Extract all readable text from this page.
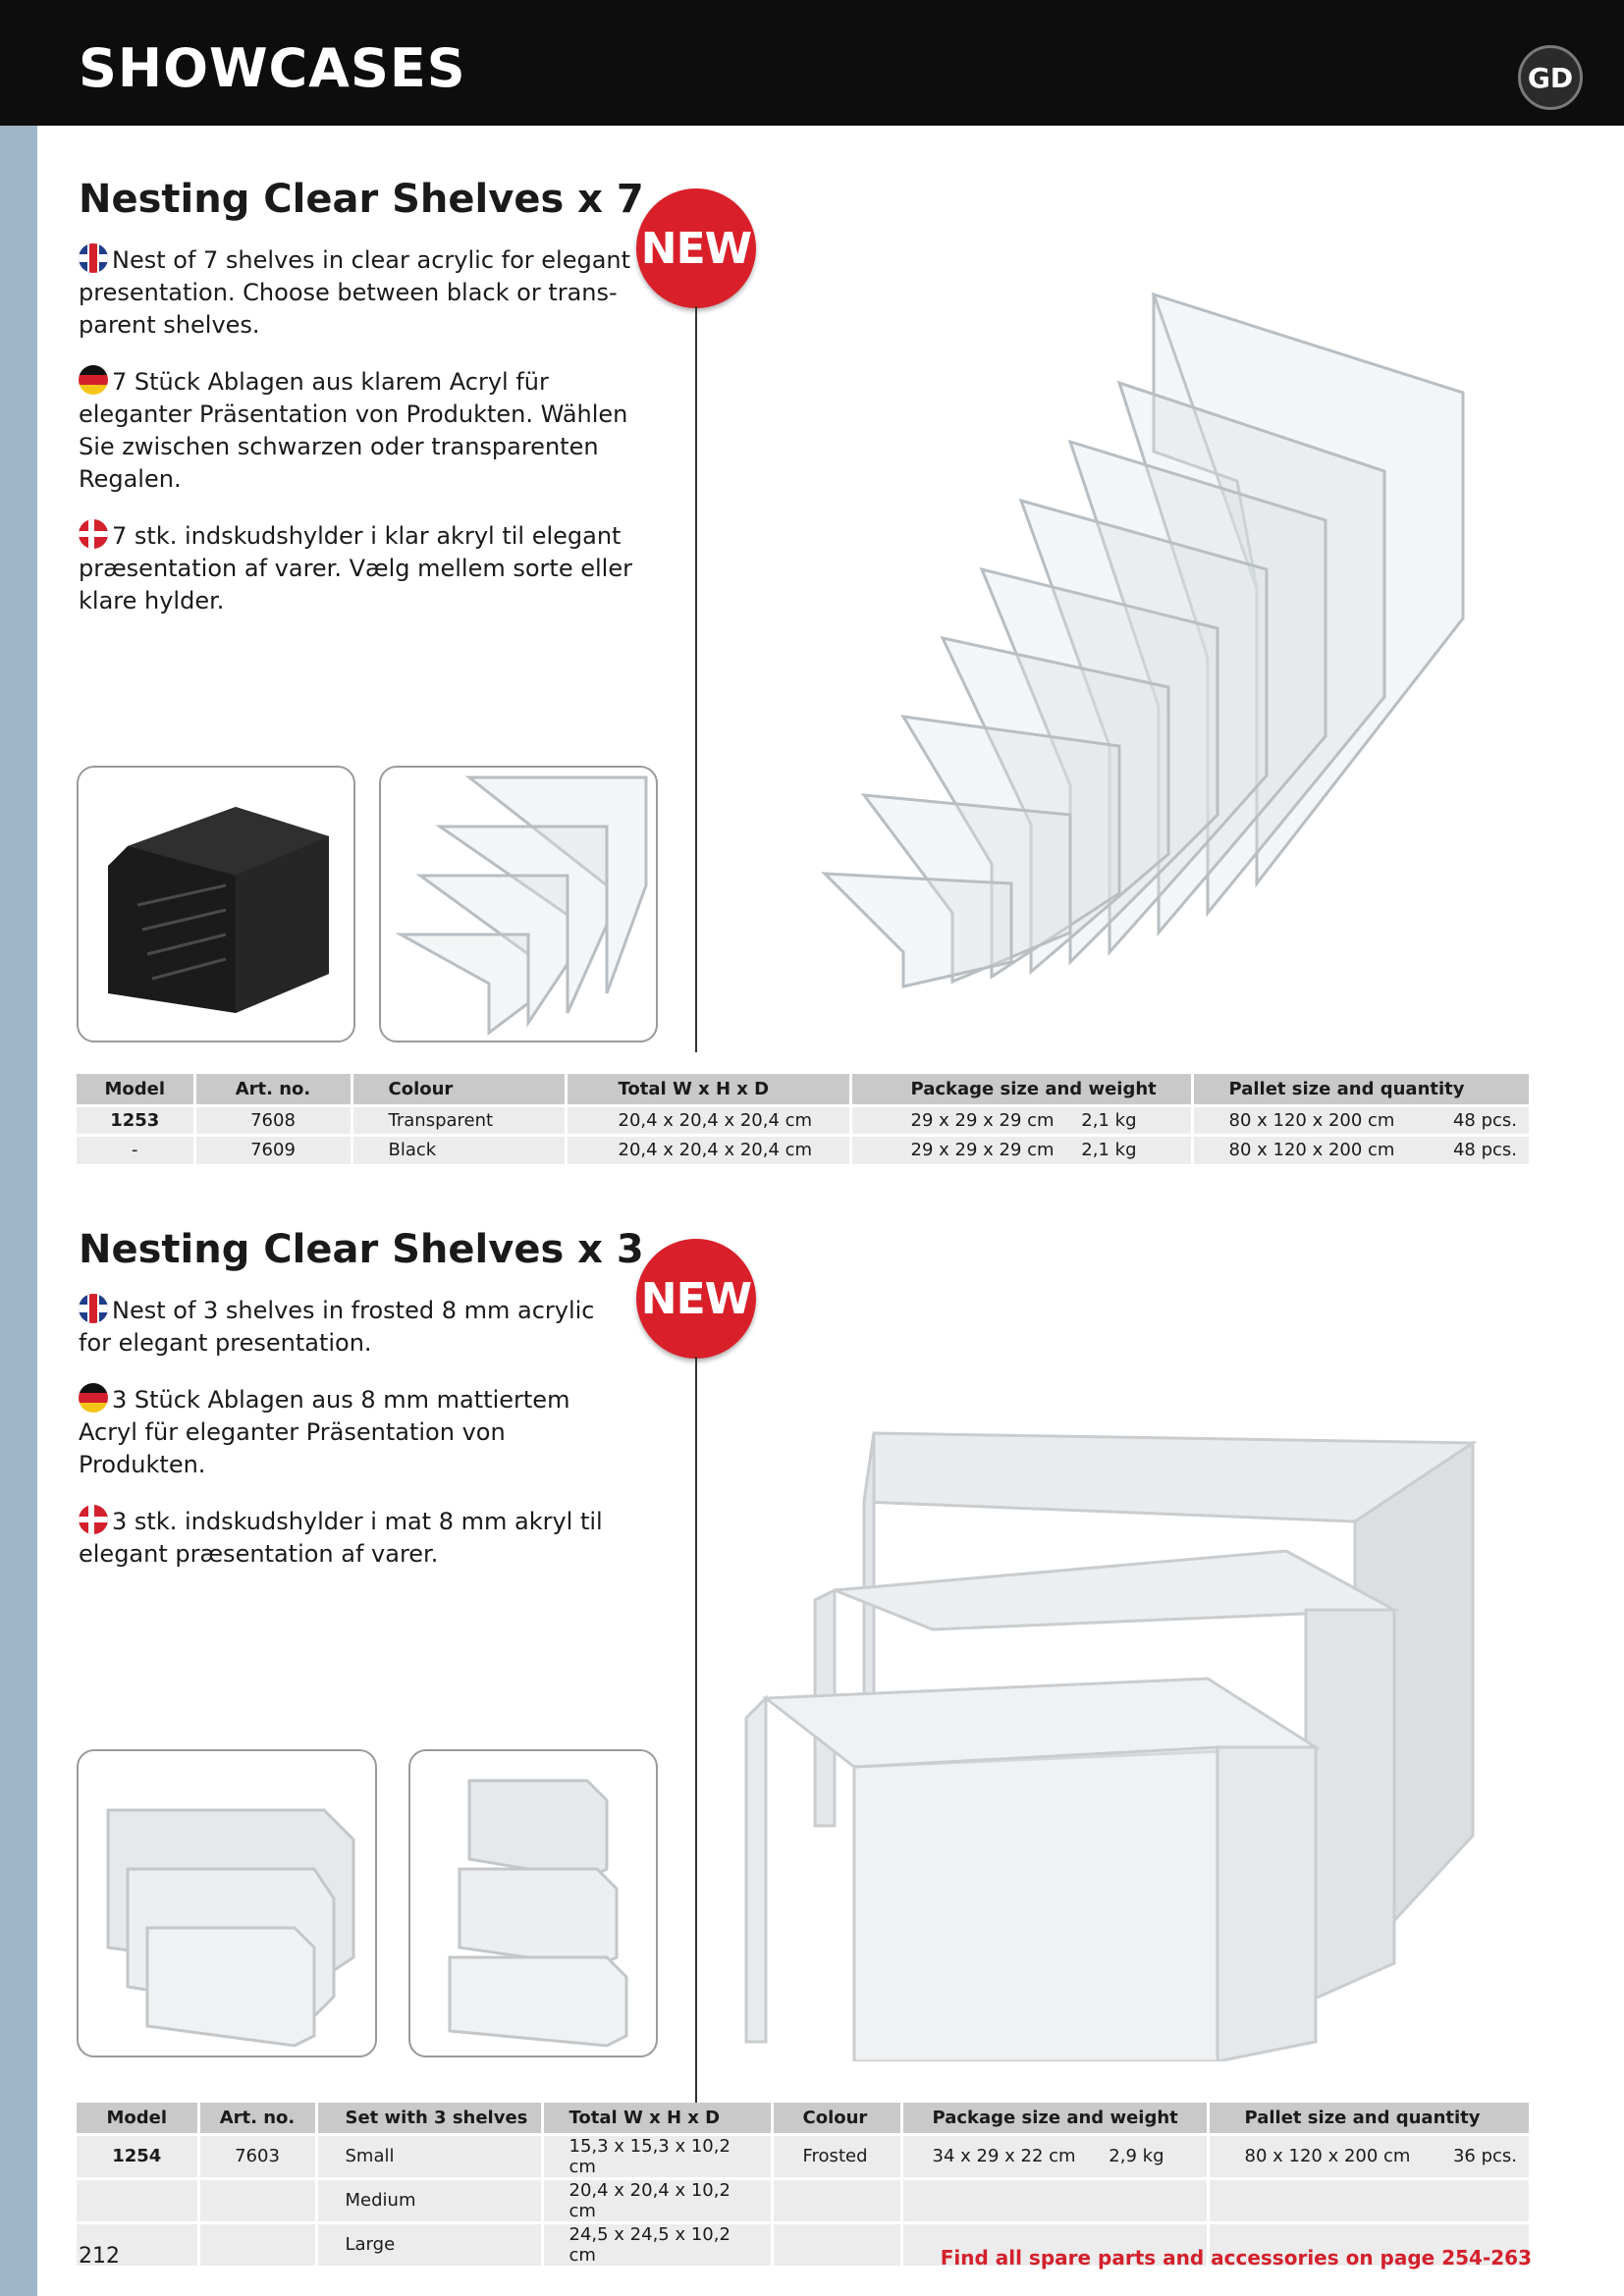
SHOWCASES	GD
Nesting Clear Shelves x 7

Nest of 7 shelves in clear acrylic for elegant presentation. Choose between black or trans-parent shelves.

7 Stück Ablagen aus klarem Acryl für eleganter Präsentation von Produkten. Wählen Sie zwischen schwarzen oder transparenten Regalen.

7 stk. indskudshylder i klar akryl til elegant præsentation af varer. Vælg mellem sorte eller klare hylder.

NEW
Model	Art. no.	Colour	Total W x H x D	Package size and weight	Pallet size and quantity
1253	7608	Transparent	20,4 x 20,4 x 20,4 cm	29 x 29 x 29 cm 2,1 kg	80 x 120 x 200 cm 48 pcs.

-	7609	Black	20,4 x 20,4 x 20,4 cm	29 x 29 x 29 cm 2,1 kg	80 x 120 x 200 cm 48 pcs.
Nesting Clear Shelves x 3

Nest of 3 shelves in frosted 8 mm acrylic for elegant presentation.

3 Stück Ablagen aus 8 mm mattiertem Acryl für eleganter Präsentation von Produkten.

3 stk. indskudshylder i mat 8 mm akryl til elegant præsentation af varer.

NEW
Model	Art. no.	Set with 3 shelves	Total W x H x D	Colour	Package size and weight	Pallet size and quantity
1254	7603	Small	15,3 x 15,3 x 10,2 cm	Frosted	34 x 29 x 22 cm 2,9 kg	80 x 120 x 200 cm 36 pcs.

		Medium	20,4 x 20,4 x 10,2 cm			
		Large	24,5 x 24,5 x 10,2 cm			
212	Find all spare parts and accessories on page 254-263
